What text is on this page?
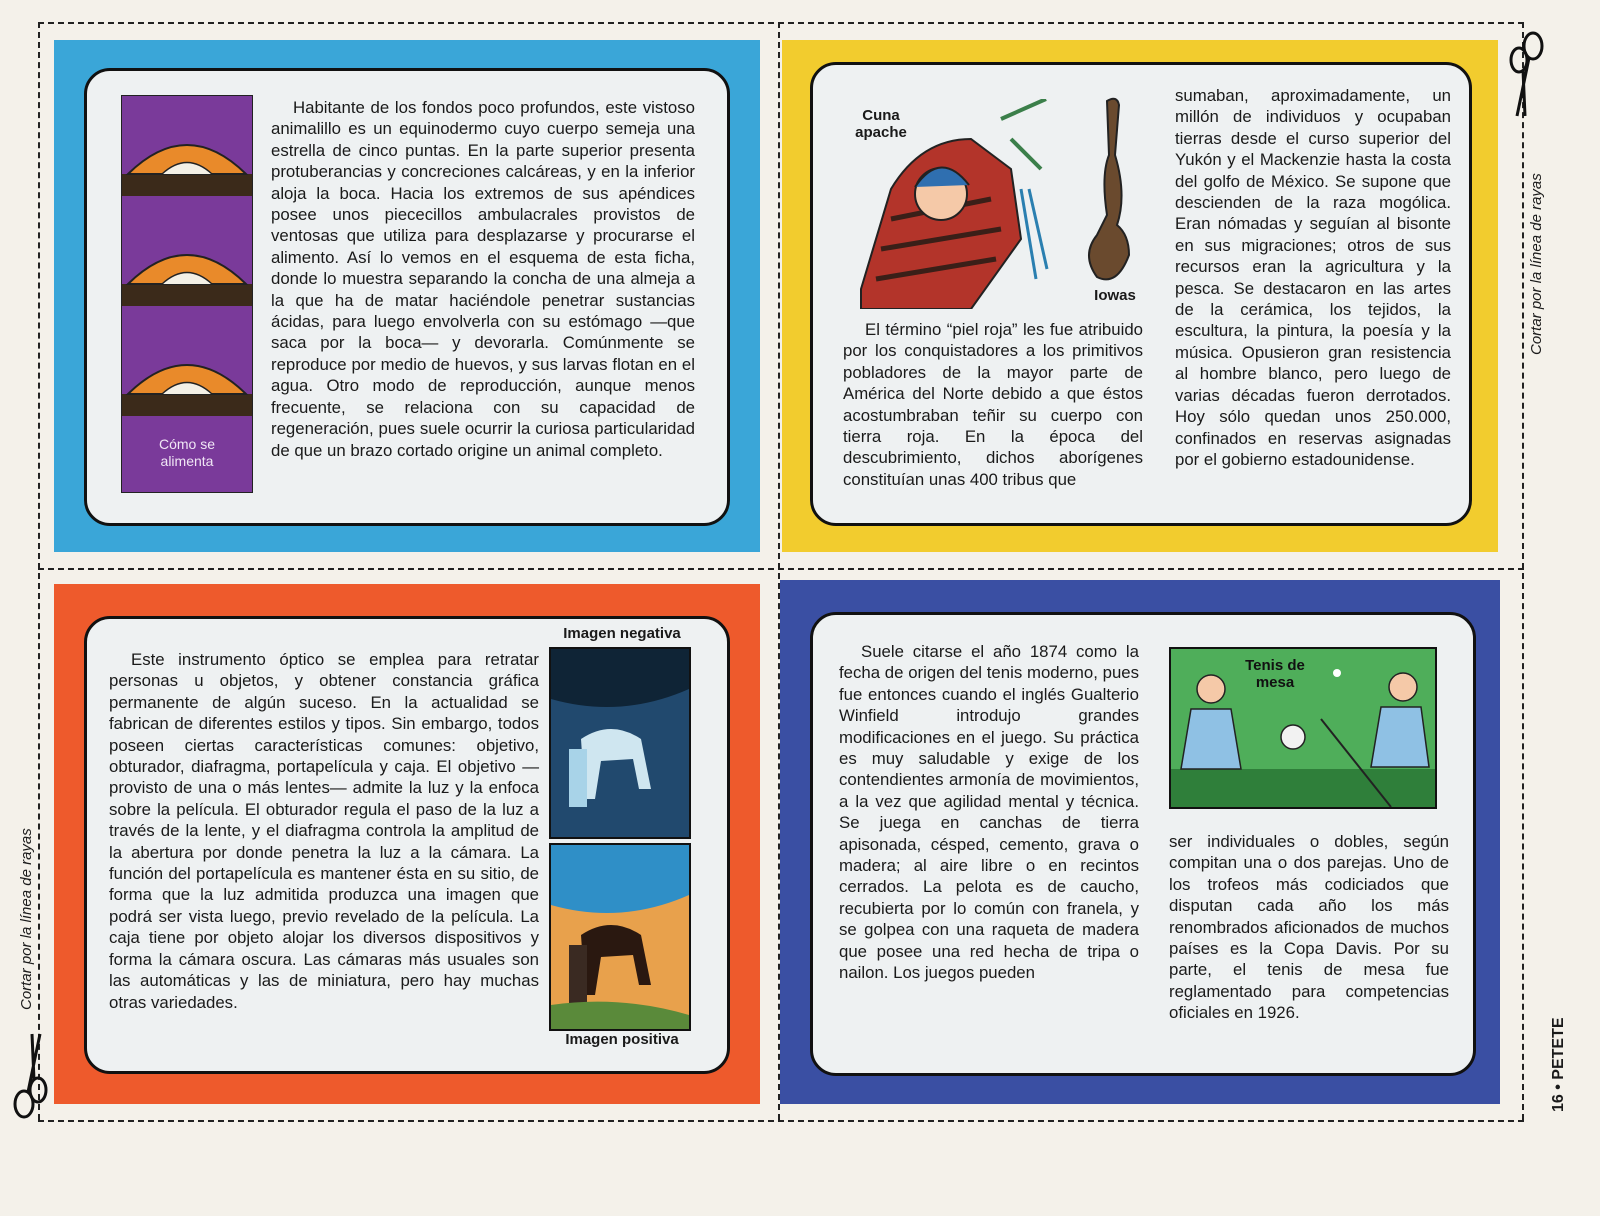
Cortar por la línea de rayas
Cortar por la línea de rayas
16 • PETETE
Cómo se alimenta

Habitante de los fondos poco profundos, este vistoso animalillo es un equinodermo cuyo cuerpo semeja una estrella de cinco puntas. En la parte superior presenta protuberancias y concreciones calcáreas, y en la inferior aloja la boca. Hacia los extremos de sus apéndices posee unos piececillos ambulacrales provistos de ventosas que utiliza para desplazarse y procurarse el alimento. Así lo vemos en el esquema de esta ficha, donde lo muestra separando la concha de una almeja a la que ha de matar haciéndole penetrar sustancias ácidas, para luego envolverla con su estómago —que saca por la boca— y devorarla. Comúnmente se reproduce por medio de huevos, y sus larvas flotan en el agua. Otro modo de reproducción, aunque menos frecuente, se relaciona con su capacidad de regeneración, pues suele ocurrir la curiosa particularidad de que un brazo cortado origine un animal completo.

Cuna apache
Iowas

El término “piel roja” les fue atribuido por los conquistadores a los primitivos pobladores de la mayor parte de América del Norte debido a que éstos acostumbraban teñir su cuerpo con tierra roja. En la época del descubrimiento, dichos aborígenes constituían unas 400 tribus que

sumaban, aproximadamente, un millón de individuos y ocupaban tierras desde el curso superior del Yukón y el Mackenzie hasta la costa del golfo de México. Se supone que descienden de la raza mogólica. Eran nómadas y seguían al bisonte en sus migraciones; otros de sus recursos eran la agricultura y la pesca. Se destacaron en las artes de la cerámica, los tejidos, la escultura, la pintura, la poesía y la música. Opusieron gran resistencia al hombre blanco, pero luego de varias décadas fueron derrotados. Hoy sólo quedan unos 250.000, confinados en reservas asignadas por el gobierno estadounidense.

Este instrumento óptico se emplea para retratar personas u objetos, y obtener constancia gráfica permanente de algún suceso. En la actualidad se fabrican de diferentes estilos y tipos. Sin embargo, todos poseen ciertas características comunes: objetivo, obturador, diafragma, portapelícula y caja. El objetivo —provisto de una o más lentes— admite la luz y la enfoca sobre la película. El obturador regula el paso de la luz a través de la lente, y el diafragma controla la amplitud de la abertura por donde penetra la luz a la cámara. La función del portapelícula es mantener ésta en su sitio, de forma que la luz admitida produzca una imagen que podrá ser vista luego, previo revelado de la película. La caja tiene por objeto alojar los diversos dispositivos y forma la cámara oscura. Las cámaras más usuales son las automáticas y las de miniatura, pero hay muchas otras variedades.

Imagen negativa
Imagen positiva

Suele citarse el año 1874 como la fecha de origen del tenis moderno, pues fue entonces cuando el inglés Gualterio Winfield introdujo grandes modificaciones en el juego. Su práctica es muy saludable y exige de los contendientes armonía de movimientos, a la vez que agilidad mental y técnica. Se juega en canchas de tierra apisonada, césped, cemento, grava o madera; al aire libre o en recintos cerrados. La pelota es de caucho, recubierta por lo común con franela, y se golpea con una raqueta de madera que posee una red hecha de tripa o nailon. Los juegos pueden

Tenis de mesa

ser individuales o dobles, según compitan una o dos parejas. Uno de los trofeos más codiciados que disputan cada año los más renombrados aficionados de muchos países es la Copa Davis. Por su parte, el tenis de mesa fue reglamentado para competencias oficiales en 1926.
